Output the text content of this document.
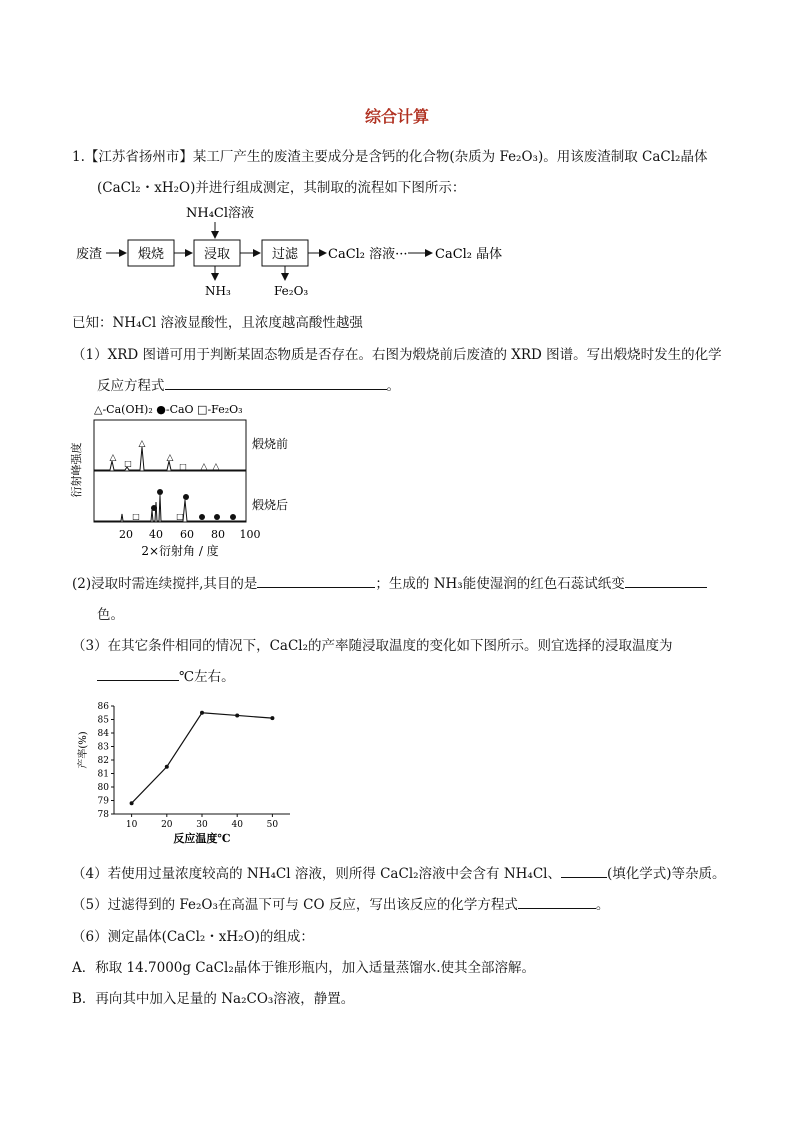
综合计算
1.【江苏省扬州市】某工厂产生的废渣主要成分是含钙的化合物(杂质为 Fe₂O₃)。用该废渣制取 CaCl₂晶体
(CaCl₂・xH₂O)并进行组成测定，其制取的流程如下图所示：
NH₄Cl溶液
废渣	煅烧	浸取	过滤 CaCl₂ 溶液··· CaCl₂ 晶体
NH₃	Fe₂O₃
已知：NH₄Cl 溶液显酸性，且浓度越高酸性越强
（1）XRD 图谱可用于判断某固态物质是否存在。右图为煅烧前后废渣的 XRD 图谱。写出煅烧时发生的化学
反应方程式	。
△-Ca(OH)₂ ●-CaO □-Fe₂O₃
衍射峰强度	煅烧前
煅烧后
△
△
△
△ △
□	□
□	□
20 40 60 80 100
2×衍射角 / 度
(2)浸取时需连续搅拌,其目的是	；生成的 NH₃能使湿润的红色石蕊试纸变
色。
（3）在其它条件相同的情况下，CaCl₂的产率随浸取温度的变化如下图所示。则宜选择的浸取温度为
℃左右。
78
79
80
81
82
83
84
85
86
10	20	30	40	50
反应温度℃
产率(%)
（4）若使用过量浓度较高的 NH₄Cl 溶液，则所得 CaCl₂溶液中会含有 NH₄Cl、	(填化学式)等杂质。
（5）过滤得到的 Fe₂O₃在高温下可与 CO 反应，写出该反应的化学方程式	。
（6）测定晶体(CaCl₂・xH₂O)的组成：
A．称取 14.7000g CaCl₂晶体于锥形瓶内，加入适量蒸馏水.使其全部溶解。
B．再向其中加入足量的 Na₂CO₃溶液，静置。
